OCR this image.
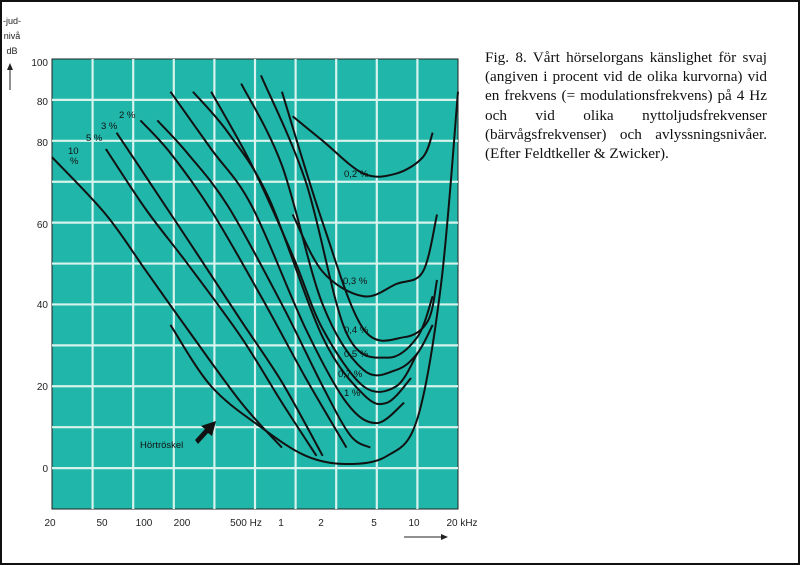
10
%
5 %
3 %
2 %
1 %
0,7 %
0,5 %
0,4 %
0,3 %
0,2 %
Hörtröskel
100
80
80
60
40
20
0
20	50	100 200	500 Hz 1	2	5	10	20 kHz
-jud-
nivå
dB	Fig. 8. Vårt hörselorgans känslighet för svaj (angiven i procent vid de olika kurvorna) vid en frekvens (= modulationsfrekvens) på 4 Hz och vid olika nyttoljudsfrekvenser (bärvågsfrekvenser) och avlyssningsnivåer. (Efter Feldtkeller & Zwicker).
